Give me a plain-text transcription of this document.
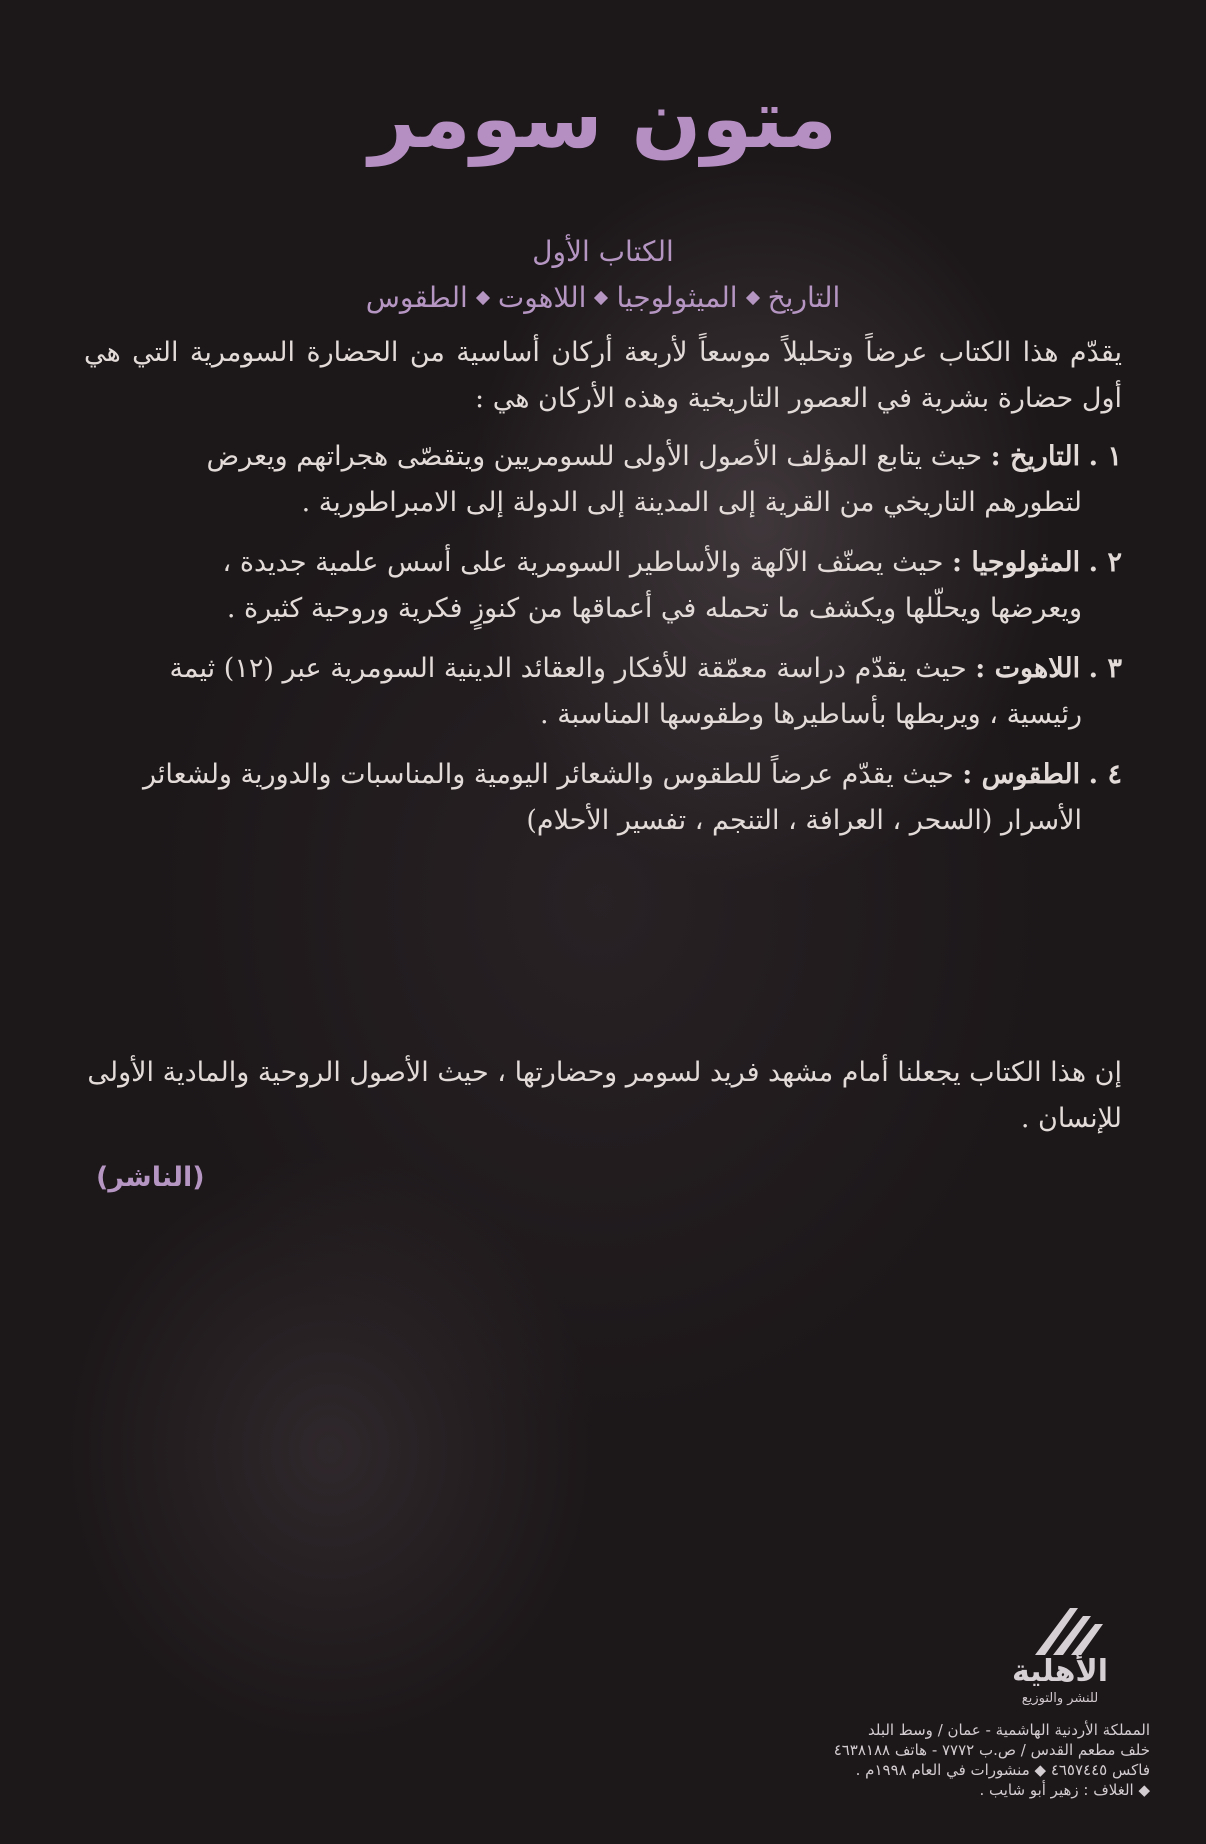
متون سومر
الكتاب الأول
التاريخ
الميثولوجيا
اللاهوت
الطقوس

يقدّم هذا الكتاب عرضاً وتحليلاً موسعاً لأربعة أركان أساسية من الحضارة السومرية التي هي أول حضارة بشرية في العصور التاريخية وهذه الأركان هي :

١ . التاريخ : حيث يتابع المؤلف الأصول الأولى للسومريين ويتقصّى هجراتهم ويعرض
لتطورهم التاريخي من القرية إلى المدينة إلى الدولة إلى الامبراطورية .
٢ . المثولوجيا : حيث يصنّف الآلهة والأساطير السومرية على أسس علمية جديدة ،
ويعرضها ويحلّلها ويكشف ما تحمله في أعماقها من كنوزٍ فكرية وروحية كثيرة .
٣ . اللاهوت : حيث يقدّم دراسة معمّقة للأفكار والعقائد الدينية السومرية عبر (١٢) ثيمة
رئيسية ، ويربطها بأساطيرها وطقوسها المناسبة .
٤ . الطقوس : حيث يقدّم عرضاً للطقوس والشعائر اليومية والمناسبات والدورية ولشعائر
الأسرار (السحر ، العرافة ، التنجم ، تفسير الأحلام)

إن هذا الكتاب يجعلنا أمام مشهد فريد لسومر وحضارتها ، حيث الأصول الروحية والمادية الأولى للإنسان .

(الناشر)
الأهلية
للنشر والتوزيع
المملكة الأردنية الهاشمية - عمان / وسط البلد
خلف مطعم القدس / ص.ب ٧٧٧٢ - هاتف ٤٦٣٨١٨٨
فاكس ٤٦٥٧٤٤٥ ◆ منشورات في العام ١٩٩٨م .
◆ الغلاف : زهير أبو شايب .
